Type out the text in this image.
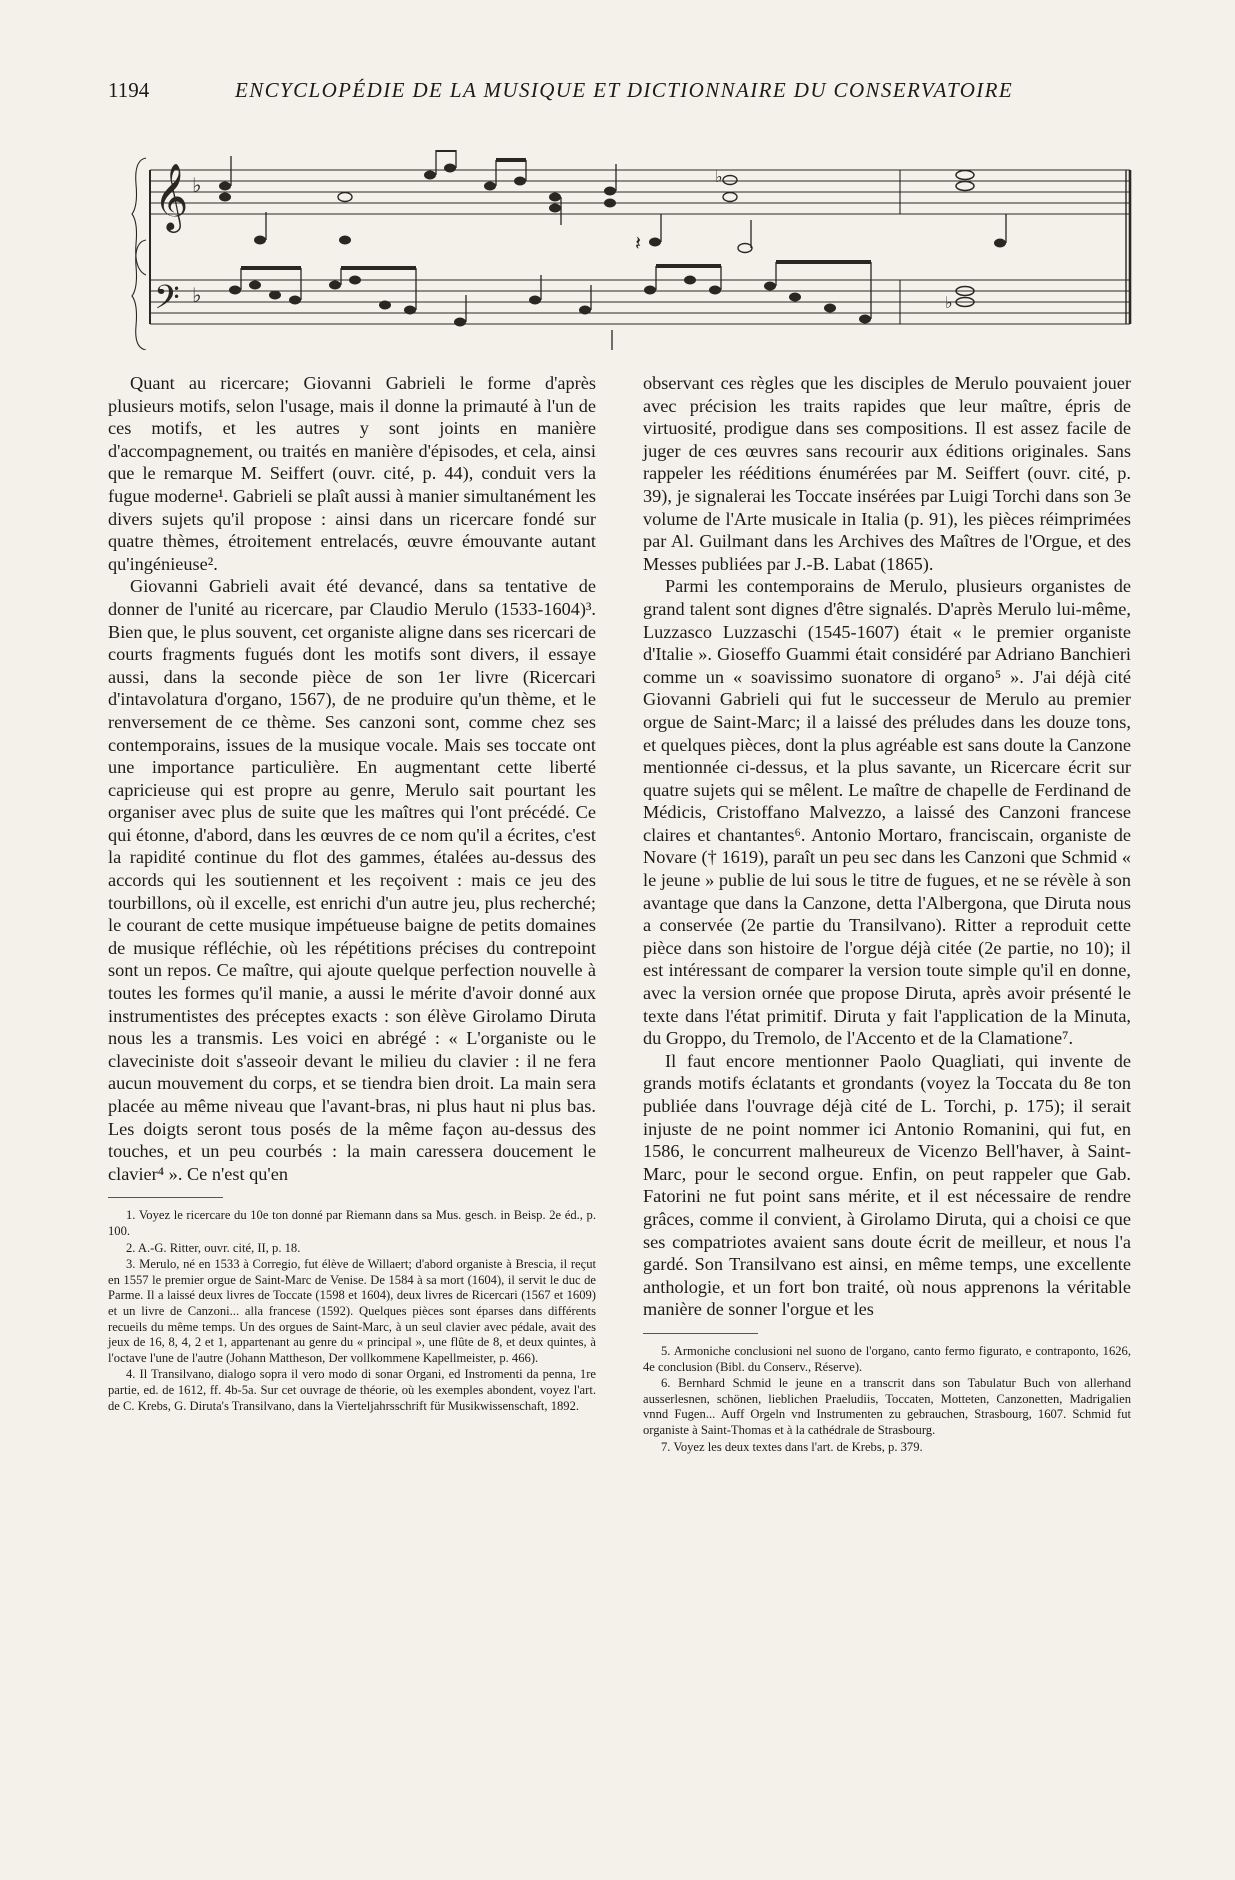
1194	ENCYCLOPÉDIE DE LA MUSIQUE ET DICTIONNAIRE DU CONSERVATOIRE
𝄞
𝄢
♭
♭
♭
♭
𝄽

Quant au ricercare; Giovanni Gabrieli le forme d'après plusieurs motifs, selon l'usage, mais il donne la primauté à l'un de ces motifs, et les autres y sont joints en manière d'accompagnement, ou traités en manière d'épisodes, et cela, ainsi que le remarque M. Seiffert (ouvr. cité, p. 44), conduit vers la fugue moderne¹. Gabrieli se plaît aussi à manier simultanément les divers sujets qu'il propose : ainsi dans un ricercare fondé sur quatre thèmes, étroitement entrelacés, œuvre émouvante autant qu'ingénieuse².

Giovanni Gabrieli avait été devancé, dans sa tentative de donner de l'unité au ricercare, par Claudio Merulo (1533-1604)³. Bien que, le plus souvent, cet organiste aligne dans ses ricercari de courts fragments fugués dont les motifs sont divers, il essaye aussi, dans la seconde pièce de son 1er livre (Ricercari d'intavolatura d'organo, 1567), de ne produire qu'un thème, et le renversement de ce thème. Ses canzoni sont, comme chez ses contemporains, issues de la musique vocale. Mais ses toccate ont une importance particulière. En augmentant cette liberté capricieuse qui est propre au genre, Merulo sait pourtant les organiser avec plus de suite que les maîtres qui l'ont précédé. Ce qui étonne, d'abord, dans les œuvres de ce nom qu'il a écrites, c'est la rapidité continue du flot des gammes, étalées au-dessus des accords qui les soutiennent et les reçoivent : mais ce jeu des tourbillons, où il excelle, est enrichi d'un autre jeu, plus recherché; le courant de cette musique impétueuse baigne de petits domaines de musique réfléchie, où les répétitions précises du contrepoint sont un repos. Ce maître, qui ajoute quelque perfection nouvelle à toutes les formes qu'il manie, a aussi le mérite d'avoir donné aux instrumentistes des préceptes exacts : son élève Girolamo Diruta nous les a transmis. Les voici en abrégé : « L'organiste ou le claveciniste doit s'asseoir devant le milieu du clavier : il ne fera aucun mouvement du corps, et se tiendra bien droit. La main sera placée au même niveau que l'avant-bras, ni plus haut ni plus bas. Les doigts seront tous posés de la même façon au-dessus des touches, et un peu courbés : la main caressera doucement le clavier⁴ ». Ce n'est qu'en

1. Voyez le ricercare du 10e ton donné par Riemann dans sa Mus. gesch. in Beisp. 2e éd., p. 100.

2. A.-G. Ritter, ouvr. cité, II, p. 18.

3. Merulo, né en 1533 à Corregio, fut élève de Willaert; d'abord organiste à Brescia, il reçut en 1557 le premier orgue de Saint-Marc de Venise. De 1584 à sa mort (1604), il servit le duc de Parme. Il a laissé deux livres de Toccate (1598 et 1604), deux livres de Ricercari (1567 et 1609) et un livre de Canzoni... alla francese (1592). Quelques pièces sont éparses dans différents recueils du même temps. Un des orgues de Saint-Marc, à un seul clavier avec pédale, avait des jeux de 16, 8, 4, 2 et 1, appartenant au genre du « principal », une flûte de 8, et deux quintes, à l'octave l'une de l'autre (Johann Mattheson, Der vollkommene Kapellmeister, p. 466).

4. Il Transilvano, dialogo sopra il vero modo di sonar Organi, ed Instromenti da penna, 1re partie, ed. de 1612, ff. 4b-5a. Sur cet ouvrage de théorie, où les exemples abondent, voyez l'art. de C. Krebs, G. Diruta's Transilvano, dans la Vierteljahrsschrift für Musikwissenschaft, 1892.

observant ces règles que les disciples de Merulo pouvaient jouer avec précision les traits rapides que leur maître, épris de virtuosité, prodigue dans ses compositions. Il est assez facile de juger de ces œuvres sans recourir aux éditions originales. Sans rappeler les rééditions énumérées par M. Seiffert (ouvr. cité, p. 39), je signalerai les Toccate insérées par Luigi Torchi dans son 3e volume de l'Arte musicale in Italia (p. 91), les pièces réimprimées par Al. Guilmant dans les Archives des Maîtres de l'Orgue, et des Messes publiées par J.-B. Labat (1865).

Parmi les contemporains de Merulo, plusieurs organistes de grand talent sont dignes d'être signalés. D'après Merulo lui-même, Luzzasco Luzzaschi (1545-1607) était « le premier organiste d'Italie ». Gioseffo Guammi était considéré par Adriano Banchieri comme un « soavissimo suonatore di organo⁵ ». J'ai déjà cité Giovanni Gabrieli qui fut le successeur de Merulo au premier orgue de Saint-Marc; il a laissé des préludes dans les douze tons, et quelques pièces, dont la plus agréable est sans doute la Canzone mentionnée ci-dessus, et la plus savante, un Ricercare écrit sur quatre sujets qui se mêlent. Le maître de chapelle de Ferdinand de Médicis, Cristoffano Malvezzo, a laissé des Canzoni francese claires et chantantes⁶. Antonio Mortaro, franciscain, organiste de Novare († 1619), paraît un peu sec dans les Canzoni que Schmid « le jeune » publie de lui sous le titre de fugues, et ne se révèle à son avantage que dans la Canzone, detta l'Albergona, que Diruta nous a conservée (2e partie du Transilvano). Ritter a reproduit cette pièce dans son histoire de l'orgue déjà citée (2e partie, no 10); il est intéressant de comparer la version toute simple qu'il en donne, avec la version ornée que propose Diruta, après avoir présenté le texte dans l'état primitif. Diruta y fait l'application de la Minuta, du Groppo, du Tremolo, de l'Accento et de la Clamatione⁷.

Il faut encore mentionner Paolo Quagliati, qui invente de grands motifs éclatants et grondants (voyez la Toccata du 8e ton publiée dans l'ouvrage déjà cité de L. Torchi, p. 175); il serait injuste de ne point nommer ici Antonio Romanini, qui fut, en 1586, le concurrent malheureux de Vicenzo Bell'haver, à Saint-Marc, pour le second orgue. Enfin, on peut rappeler que Gab. Fatorini ne fut point sans mérite, et il est nécessaire de rendre grâces, comme il convient, à Girolamo Diruta, qui a choisi ce que ses compatriotes avaient sans doute écrit de meilleur, et nous l'a gardé. Son Transilvano est ainsi, en même temps, une excellente anthologie, et un fort bon traité, où nous apprenons la véritable manière de sonner l'orgue et les

5. Armoniche conclusioni nel suono de l'organo, canto fermo figurato, e contraponto, 1626, 4e conclusion (Bibl. du Conserv., Réserve).

6. Bernhard Schmid le jeune en a transcrit dans son Tabulatur Buch von allerhand ausserlesnen, schönen, lieblichen Praeludiis, Toccaten, Motteten, Canzonetten, Madrigalien vnnd Fugen... Auff Orgeln vnd Instrumenten zu gebrauchen, Strasbourg, 1607. Schmid fut organiste à Saint-Thomas et à la cathédrale de Strasbourg.

7. Voyez les deux textes dans l'art. de Krebs, p. 379.
